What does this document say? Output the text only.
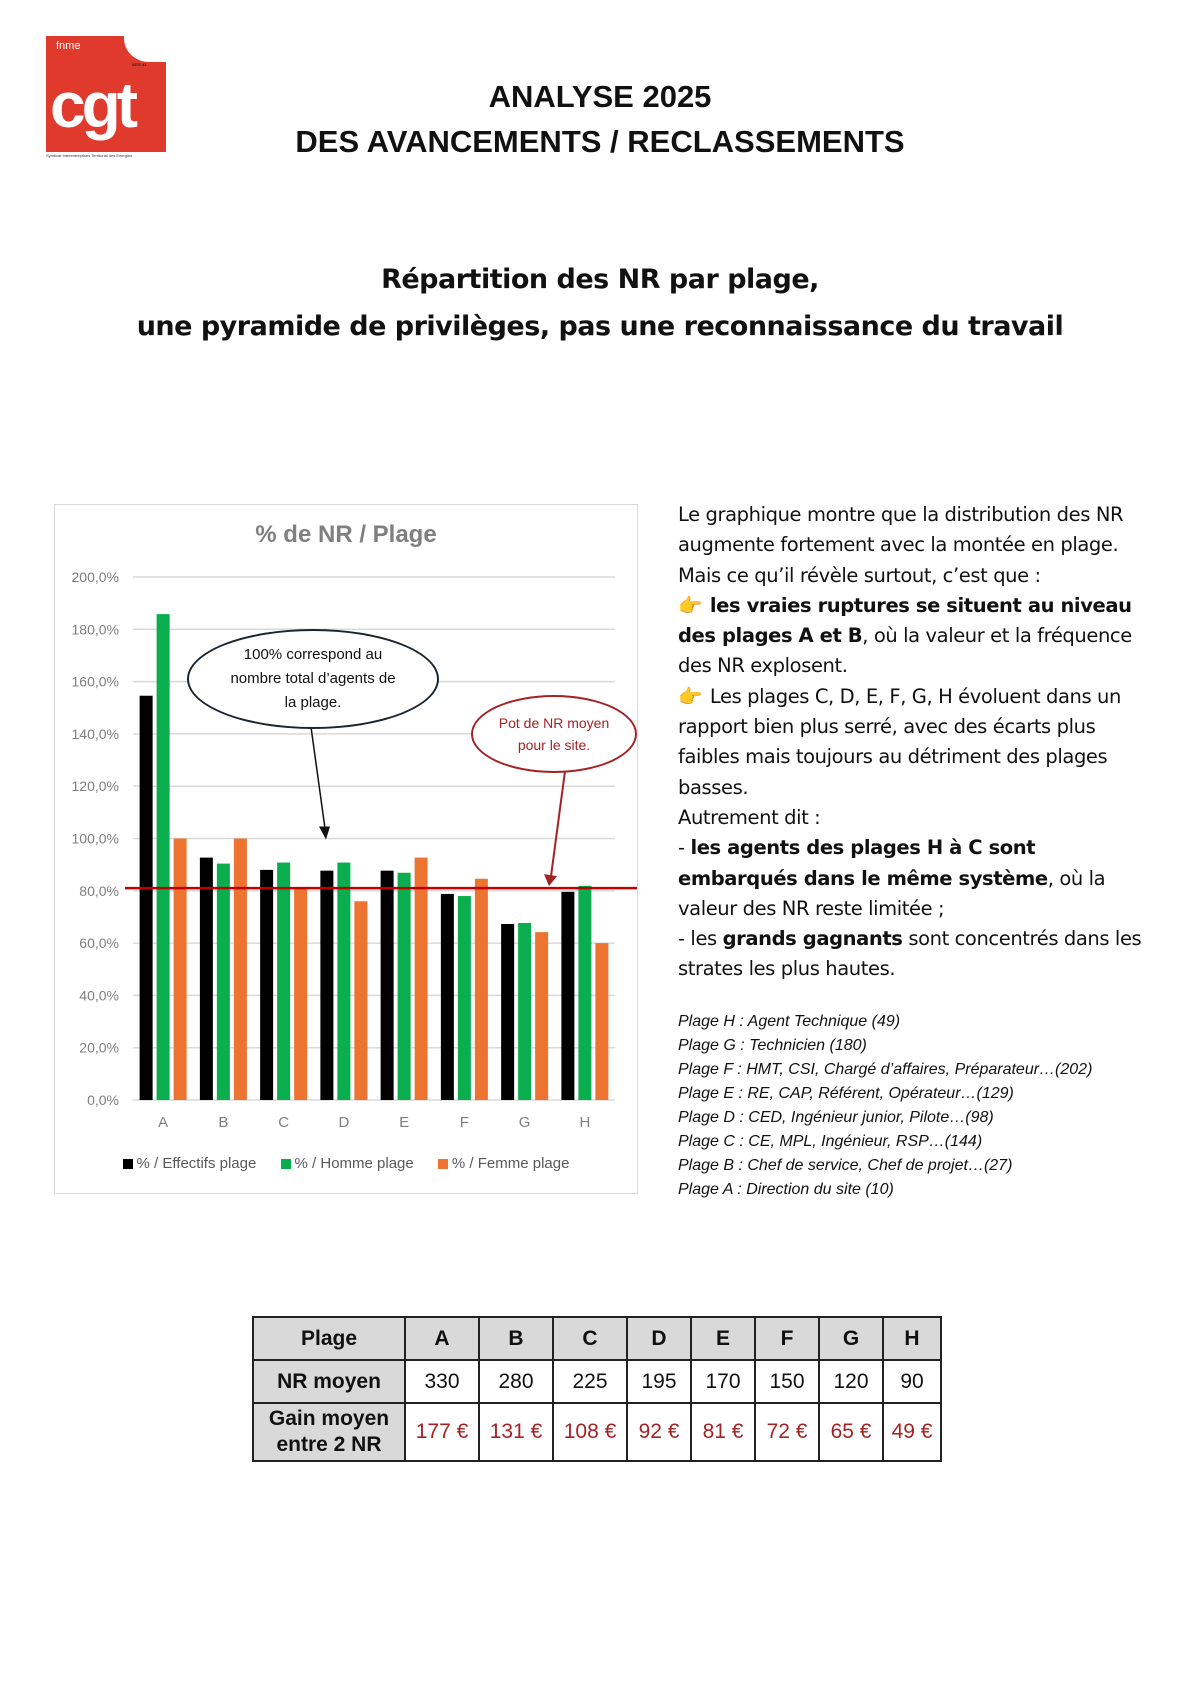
fnme
SITE 41
cgt
Syndicat Interentreprises Territorial des Energies
ANALYSE 2025
DES AVANCEMENTS / RECLASSEMENTS
Répartition des NR par plage,
une pyramide de privilèges, pas une reconnaissance du travail
% de NR / Plage
0,0%
20,0%
40,0%
60,0%
80,0%
100,0%
120,0%
140,0%
160,0%
180,0%
200,0%
A	B	C	D	E	F	G	H
100% correspond au
nombre total d’agents de
la plage.
Pot de NR moyen
pour le site.
% / Effectifs plage	% / Homme plage	% / Femme plage

Le graphique montre que la distribution des NR augmente fortement avec la montée en plage.

Mais ce qu’il révèle surtout, c’est que :

👉 les vraies ruptures se situent au niveau des plages A et B, où la valeur et la fréquence des NR explosent.

👉 Les plages C, D, E, F, G, H évoluent dans un rapport bien plus serré, avec des écarts plus faibles mais toujours au détriment des plages basses.

Autrement dit :

- les agents des plages H à C sont embarqués dans le même système, où la valeur des NR reste limitée ;

- les grands gagnants sont concentrés dans les strates les plus hautes.

Plage H : Agent Technique (49)
Plage G : Technicien (180)
Plage F : HMT, CSI, Chargé d’affaires, Préparateur…(202)
Plage E : RE, CAP, Référent, Opérateur…(129)
Plage D : CED, Ingénieur junior, Pilote…(98)
Plage C : CE, MPL, Ingénieur, RSP…(144)
Plage B : Chef de service, Chef de projet…(27)
Plage A : Direction du site (10)
Plage	A	B	C	D	E	F	G	H
NR moyen	330	280	225	195	170	150	120	90

Gain moyen
entre 2 NR	177 €	131 €	108 €	92 €	81 €	72 €	65 €	49 €
